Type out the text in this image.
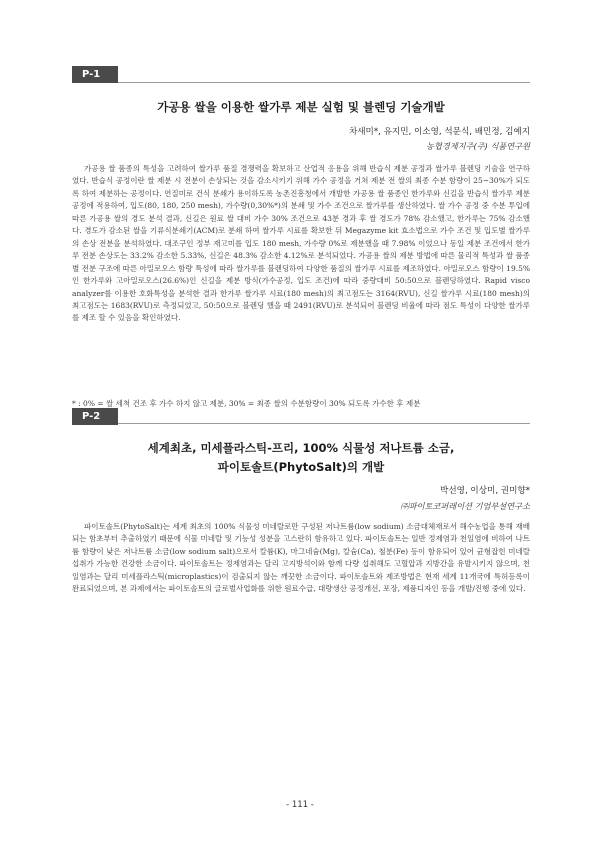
P-1
가공용 쌀을 이용한 쌀가루 제분 실험 및 블렌딩 기술개발
차새미*, 유지민, 이소영, 석문식, 배민정, 김예지
농협경제지주(주) 식품연구원

가공용 쌀 품종의 특성을 고려하여 쌀가루 품질 경쟁력을 확보하고 산업적 응용을 위해 반습식 제분 공정과 쌀가루 블렌딩 기술을 연구하였다. 반습식 공정이란 쌀 제분 시 전분이 손상되는 것을 감소시키기 위해 가수 공정을 거쳐 제분 전 쌀의 최종 수분 함량이 25~30%가 되도록 하여 제분하는 공정이다. 연질미로 건식 분쇄가 용이하도록 농촌진흥청에서 개발한 가공용 쌀 품종인 한가루와 신길을 반습식 쌀가루 제분 공정에 적용하여, 입도(80, 180, 250 mesh), 가수량(0,30%*)의 분쇄 및 가수 조건으로 쌀가루를 생산하였다. 쌀 가수 공정 중 수분 투입에 따른 가공용 쌀의 경도 분석 결과, 신길은 원료 쌀 대비 가수 30% 조건으로 43분 경과 후 쌀 경도가 78% 감소했고, 한가루는 75% 감소했다. 경도가 감소된 쌀을 기류식분쇄기(ACM)로 분쇄 하여 쌀가루 시료를 확보한 뒤 Megazyme kit 효소법으로 가수 조건 및 입도별 쌀가루의 손상 전분을 분석하였다. 대조구인 정부 재고미를 입도 180 mesh, 가수량 0%로 제분했을 때 7.98% 이었으나 동일 제분 조건에서 한가루 전분 손상도는 33.2% 감소한 5.33%, 신길은 48.3% 감소한 4.12%로 분석되었다. 가공용 쌀의 제분 방법에 따른 물리적 특성과 쌀 품종별 전분 구조에 따른 아밀로오스 함량 특성에 따라 쌀가루를 블렌딩하여 다양한 품질의 쌀가루 시료를 제조하였다. 아밀로오스 함량이 19.5%인 한가루와 고아밀로오스(26.6%)인 신길을 제분 방식(가수공정, 입도 조건)에 따라 중량대비 50:50으로 블렌딩하였다. Rapid visco analyzer를 이용한 호화특성을 분석한 결과 한가루 쌀가루 시료(180 mesh)의 최고점도는 3164(RVU), 신길 쌀가루 시료(180 mesh)의 최고점도는 1683(RVU)로 측정되었고, 50:50으로 블렌딩 했을 때 2491(RVU)로 분석되어 블렌딩 비율에 따라 점도 특성이 다양한 쌀가루를 제조 할 수 있음을 확인하였다.

* : 0% = 쌀 세척 건조 후 가수 하지 않고 제분, 30% = 최종 쌀의 수분함량이 30% 되도록 가수한 후 제분

P-2
세계최초, 미세플라스틱-프리, 100% 식물성 저나트륨 소금,
파이토솔트(PhytoSalt)의 개발
박선영, 이상미, 권미향*
㈜파이토코퍼레이션 기업부설연구소

파이토솔트(PhytoSalt)는 세계 최초의 100% 식물성 미네랄로만 구성된 저나트륨(low sodium) 소금대체재로서 해수농업을 통해 재배되는 함초부터 추출하였기 때문에 식물 미네랄 및 기능성 성분을 고스란히 함유하고 있다. 파이토솔트는 일반 정제염과 천일염에 비하여 나트륨 함량이 낮은 저나트륨 소금(low sodium salt)으로서 칼륨(K), 마그네슘(Mg), 칼슘(Ca), 철분(Fe) 등이 함유되어 있어 균형잡힌 미네랄 섭취가 가능한 건강한 소금이다. 파이토솔트는 정제염과는 달리 고지방석이와 함께 다량 섭취해도 고혈압과 지방간을 유발시키지 않으며, 천일염과는 달리 미세플라스틱(microplastics)이 검출되지 않는 깨끗한 소금이다. 파이토솔트와 제조방법은 현재 세계 11개국에 특허등록이 완료되었으며, 본 과제에서는 파이토솔트의 글로벌사업화를 위한 원료수급, 대량생산 공정개선, 포장, 제품디자인 등을 개발/진행 중에 있다.

- 111 -
